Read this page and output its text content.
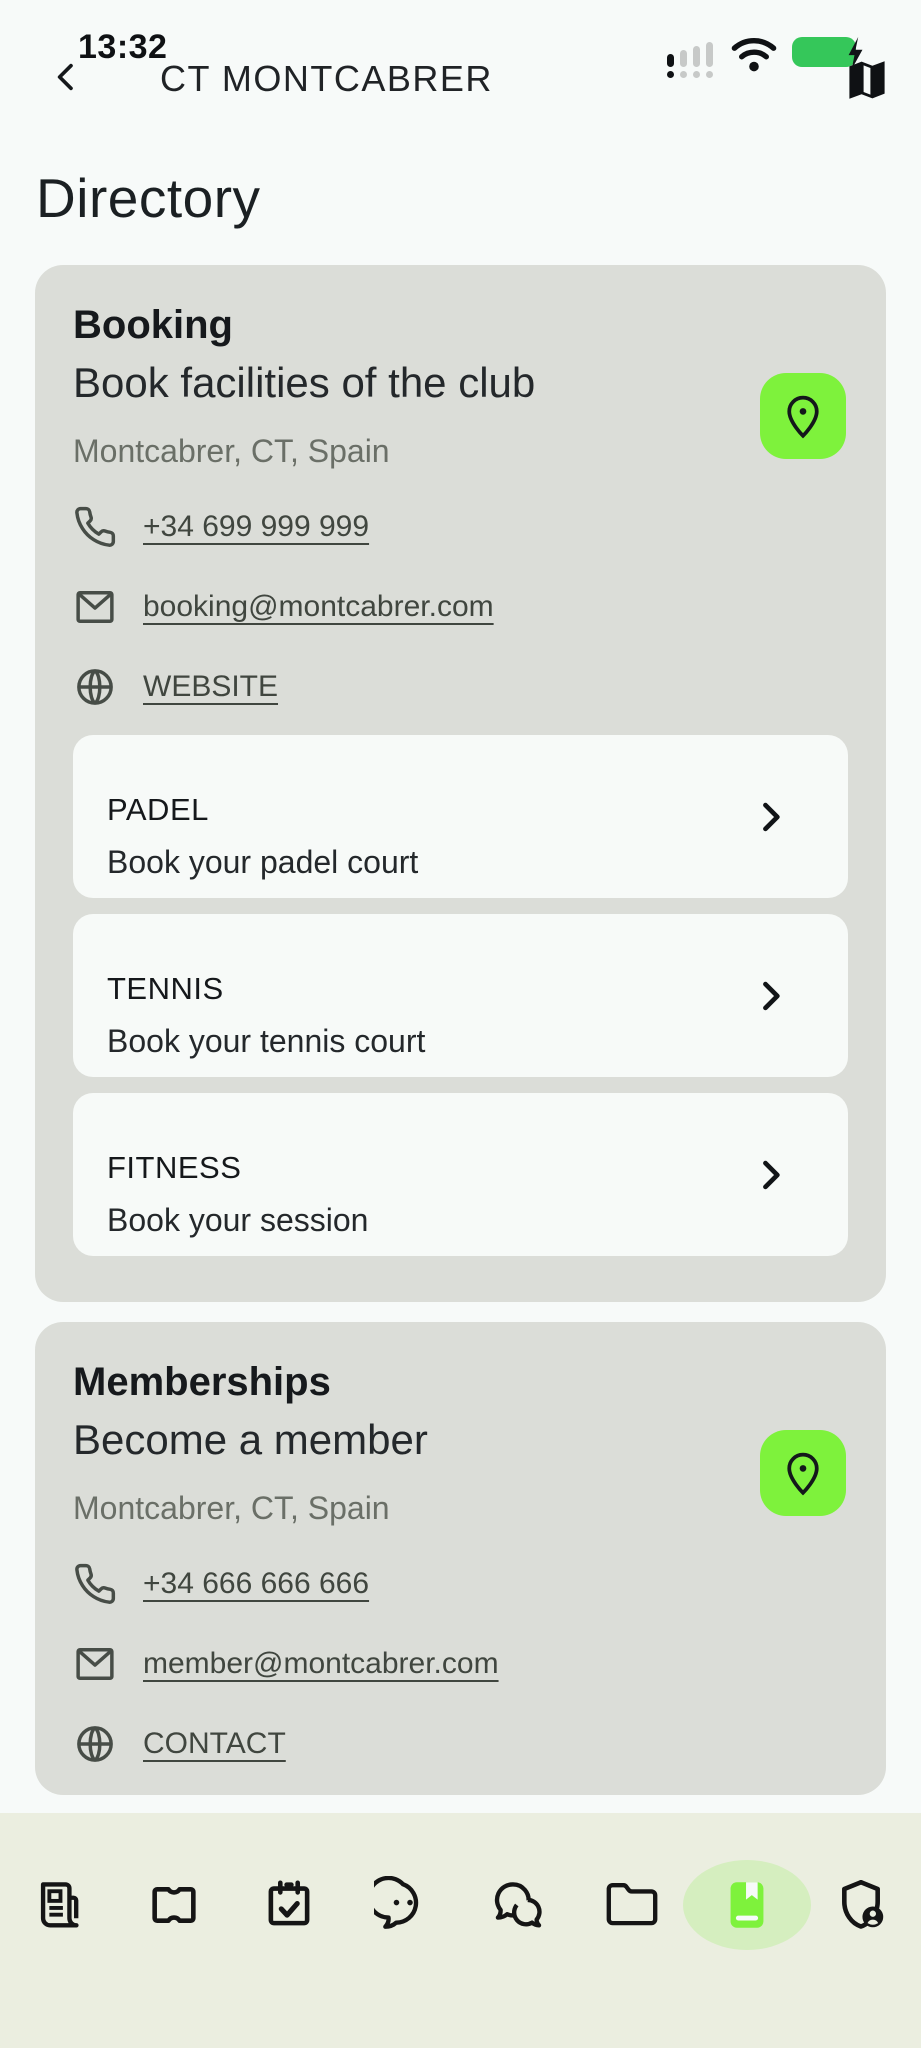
13:32
CT MONTCABRER
Directory
Booking
Book facilities of the club
Montcabrer, CT, Spain
+34 699 999 999
booking@montcabrer.com
WEBSITE
PADEL
Book your padel court
TENNIS
Book your tennis court
FITNESS
Book your session
Memberships
Become a member
Montcabrer, CT, Spain
+34 666 666 666
member@montcabrer.com
CONTACT
